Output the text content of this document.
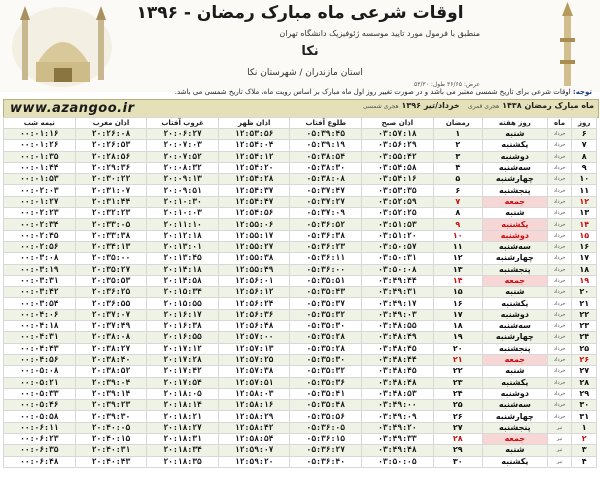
اوقات شرعی ماه مبارک رمضان - ۱۳۹۶
منطبق با فرمول مورد تایید موسسه ژئوفیزیک دانشگاه تهران
نکا
استان مازندران / شهرستان نکا
عرض: ۳۶/۶۵ طول: ۵۳/۳۰
توجه: اوقات شرعی برای تاریخ شمسی معتبر می باشد و در صورت تغییر روز اول ماه مبارک بر اساس رویت ماه، ملاک تاریخ شمسی می باشد.
www.azangoo.ir	ماه مبارک رمضان ۱۴۳۸ هجری قمری   خرداد/تیر ۱۳۹۶ هجری شمسی
روز	ماه	روز هفته	رمضان	اذان صبح	طلوع آفتاب	اذان ظهر	غروب آفتاب	اذان مغرب	نیمه شب
۶	خرداد	شنبه	۱	۰۳:۵۷:۱۸	۰۵:۳۹:۴۵	۱۲:۵۳:۵۶	۲۰:۰۶:۲۷	۲۰:۲۶:۰۸	۰۰:۰۱:۱۶
۷	خرداد	یکشنبه	۲	۰۳:۵۶:۲۹	۰۵:۳۹:۱۹	۱۲:۵۴:۰۴	۲۰:۰۷:۰۳	۲۰:۲۶:۵۳	۰۰:۰۱:۲۶
۸	خرداد	دوشنبه	۳	۰۳:۵۵:۴۲	۰۵:۳۸:۵۴	۱۲:۵۴:۱۲	۲۰:۰۷:۵۲	۲۰:۲۸:۵۶	۰۰:۰۱:۳۵
۹	خرداد	سه‌شنبه	۴	۰۳:۵۴:۵۸	۰۵:۳۸:۳۰	۱۲:۵۴:۲۰	۲۰:۰۸:۳۲	۲۰:۲۹:۳۶	۰۰:۰۱:۴۴
۱۰	خرداد	چهارشنبه	۵	۰۳:۵۴:۱۶	۰۵:۳۸:۰۸	۱۲:۵۴:۲۸	۲۰:۰۹:۱۳	۲۰:۳۰:۲۲	۰۰:۰۱:۵۳
۱۱	خرداد	پنجشنبه	۶	۰۳:۵۳:۳۵	۰۵:۳۷:۴۷	۱۲:۵۴:۳۷	۲۰:۰۹:۵۱	۲۰:۳۱:۰۷	۰۰:۰۲:۰۳
۱۲	خرداد	جمعه	۷	۰۳:۵۲:۵۹	۰۵:۳۷:۲۷	۱۲:۵۴:۴۷	۲۰:۱۰:۳۰	۲۰:۳۱:۴۴	۰۰:۰۱:۲۷
۱۳	خرداد	شنبه	۸	۰۳:۵۲:۲۵	۰۵:۳۷:۰۹	۱۲:۵۴:۵۶	۲۰:۱۰:۰۳	۲۰:۳۲:۲۳	۰۰:۰۲:۲۳
۱۴	خرداد	یکشنبه	۹	۰۳:۵۱:۵۳	۰۵:۳۶:۵۲	۱۲:۵۵:۰۶	۲۰:۱۱:۱۰	۲۰:۳۳:۰۵	۰۰:۰۲:۳۴
۱۵	خرداد	دوشنبه	۱۰	۰۳:۵۱:۲۰	۰۵:۳۶:۳۸	۱۲:۵۵:۱۷	۲۰:۱۲:۱۸	۲۰:۳۳:۳۸	۰۰:۰۲:۴۵
۱۶	خرداد	سه‌شنبه	۱۱	۰۳:۵۰:۵۷	۰۵:۳۶:۲۳	۱۲:۵۵:۲۷	۲۰:۱۳:۰۱	۲۰:۳۴:۱۳	۰۰:۰۲:۵۶
۱۷	خرداد	چهارشنبه	۱۲	۰۳:۵۰:۳۱	۰۵:۳۶:۱۱	۱۲:۵۵:۳۸	۲۰:۱۳:۴۵	۲۰:۳۵:۰۰	۰۰:۰۳:۰۸
۱۸	خرداد	پنجشنبه	۱۳	۰۳:۵۰:۰۸	۰۵:۳۶:۰۰	۱۲:۵۵:۴۹	۲۰:۱۴:۱۸	۲۰:۳۵:۲۷	۰۰:۰۳:۱۹
۱۹	خرداد	جمعه	۱۴	۰۳:۴۹:۴۴	۰۵:۳۵:۵۱	۱۲:۵۶:۰۱	۲۰:۱۴:۵۸	۲۰:۳۵:۵۳	۰۰:۰۳:۳۱
۲۰	خرداد	شنبه	۱۵	۰۳:۴۹:۳۱	۰۵:۳۵:۴۳	۱۲:۵۶:۱۲	۲۰:۱۵:۳۴	۲۰:۳۶:۲۵	۰۰:۰۳:۴۲
۲۱	خرداد	یکشنبه	۱۶	۰۳:۴۹:۱۷	۰۵:۳۵:۳۷	۱۲:۵۶:۲۴	۲۰:۱۵:۵۵	۲۰:۳۶:۵۵	۰۰:۰۳:۵۴
۲۲	خرداد	دوشنبه	۱۷	۰۳:۴۹:۰۳	۰۵:۳۵:۳۲	۱۲:۵۶:۳۶	۲۰:۱۶:۱۷	۲۰:۳۷:۰۷	۰۰:۰۴:۰۶
۲۳	خرداد	سه‌شنبه	۱۸	۰۳:۴۸:۵۵	۰۵:۳۵:۳۰	۱۲:۵۶:۴۸	۲۰:۱۶:۳۸	۲۰:۳۷:۴۹	۰۰:۰۴:۱۸
۲۴	خرداد	چهارشنبه	۱۹	۰۳:۴۸:۴۹	۰۵:۳۵:۲۸	۱۲:۵۷:۰۰	۲۰:۱۶:۵۵	۲۰:۳۸:۰۸	۰۰:۰۴:۳۱
۲۵	خرداد	پنجشنبه	۲۰	۰۳:۴۸:۴۵	۰۵:۳۵:۲۸	۱۲:۵۷:۱۳	۲۰:۱۷:۱۲	۲۰:۳۸:۲۷	۰۰:۰۴:۴۳
۲۶	خرداد	جمعه	۲۱	۰۳:۴۸:۴۴	۰۵:۳۵:۳۰	۱۲:۵۷:۲۵	۲۰:۱۷:۲۸	۲۰:۳۸:۴۰	۰۰:۰۴:۵۶
۲۷	خرداد	شنبه	۲۲	۰۳:۴۸:۴۵	۰۵:۳۵:۳۲	۱۲:۵۷:۳۸	۲۰:۱۷:۴۲	۲۰:۳۸:۵۲	۰۰:۰۵:۰۸
۲۸	خرداد	یکشنبه	۲۳	۰۳:۴۸:۴۸	۰۵:۳۵:۳۶	۱۲:۵۷:۵۱	۲۰:۱۷:۵۴	۲۰:۳۹:۰۴	۰۰:۰۵:۲۱
۲۹	خرداد	دوشنبه	۲۴	۰۳:۴۸:۵۳	۰۵:۳۵:۴۱	۱۲:۵۸:۰۳	۲۰:۱۸:۰۵	۲۰:۳۹:۱۴	۰۰:۰۵:۳۳
۳۰	خرداد	سه‌شنبه	۲۵	۰۳:۴۹:۰۰	۰۵:۳۵:۴۸	۱۲:۵۸:۱۶	۲۰:۱۸:۱۴	۲۰:۳۹:۲۳	۰۰:۰۵:۴۶
۳۱	خرداد	چهارشنبه	۲۶	۰۳:۴۹:۰۹	۰۵:۳۵:۵۶	۱۲:۵۸:۲۹	۲۰:۱۸:۲۱	۲۰:۳۹:۳۰	۰۰:۰۵:۵۸
۱	تیر	پنجشنبه	۲۷	۰۳:۴۹:۲۰	۰۵:۳۶:۰۵	۱۲:۵۸:۴۲	۲۰:۱۸:۲۷	۲۰:۴۰:۰۵	۰۰:۰۶:۱۱
۲	تیر	جمعه	۲۸	۰۳:۴۹:۳۳	۰۵:۳۶:۱۵	۱۲:۵۸:۵۴	۲۰:۱۸:۳۱	۲۰:۴۰:۱۵	۰۰:۰۶:۲۳
۳	تیر	شنبه	۲۹	۰۳:۴۹:۴۸	۰۵:۳۶:۲۷	۱۲:۵۹:۰۷	۲۰:۱۸:۳۴	۲۰:۴۰:۳۱	۰۰:۰۶:۳۵
۴	تیر	یکشنبه	۳۰	۰۳:۵۰:۰۵	۰۵:۳۶:۴۰	۱۲:۵۹:۲۰	۲۰:۱۸:۳۵	۲۰:۴۰:۴۳	۰۰:۰۶:۴۸
